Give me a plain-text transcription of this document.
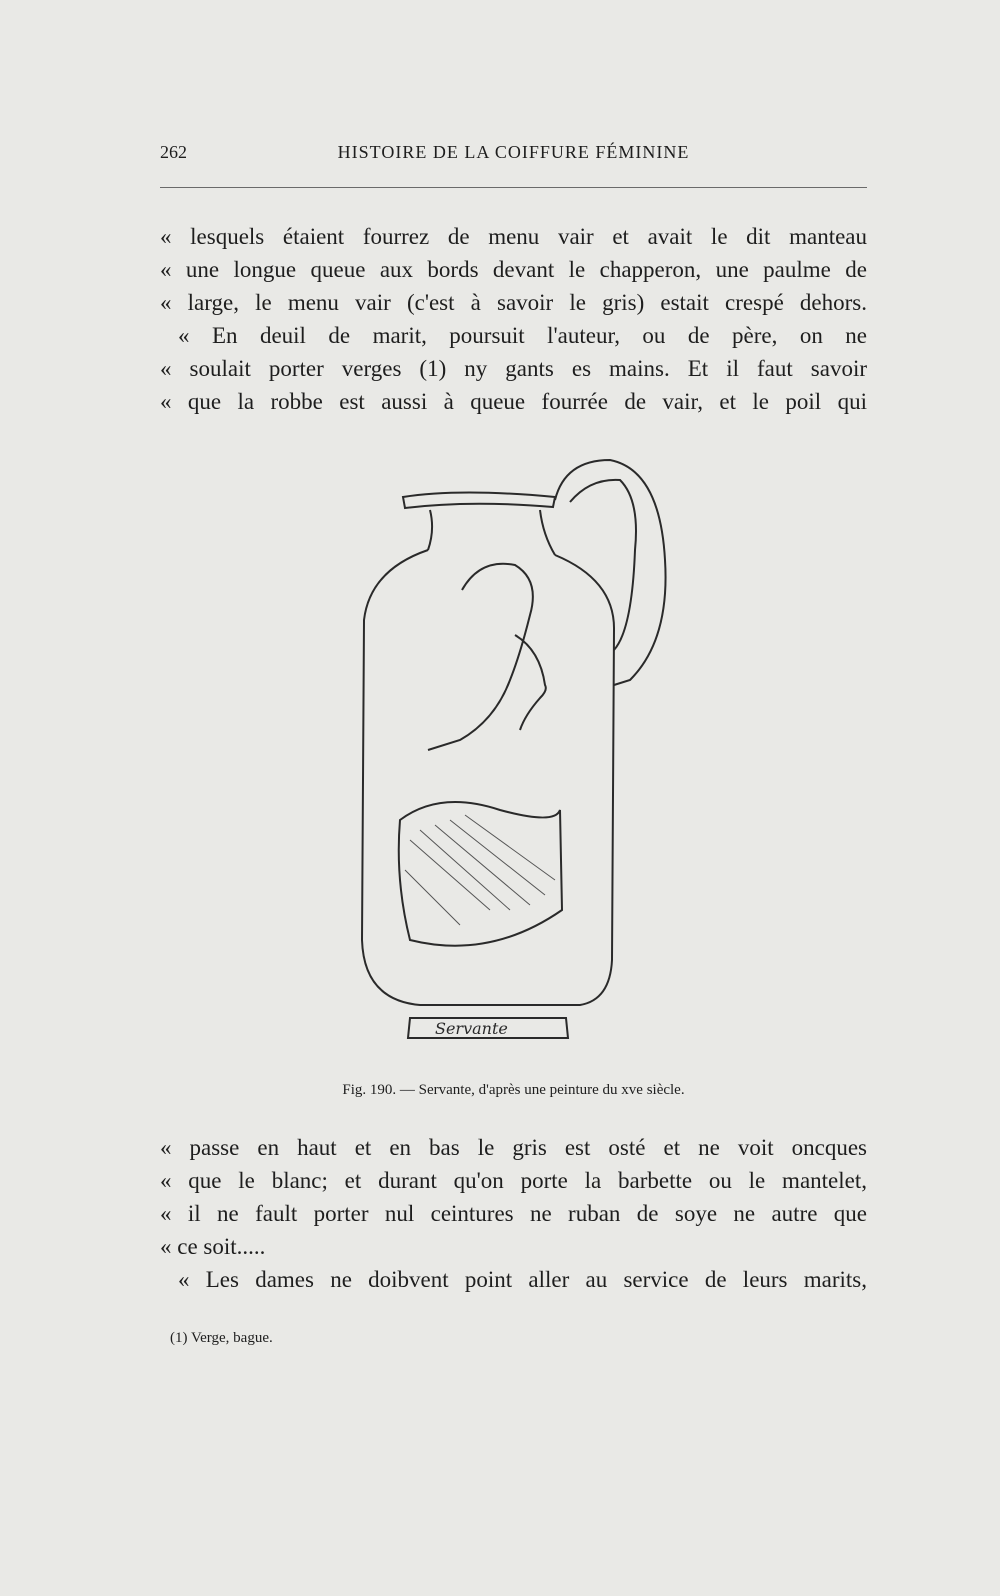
262	HISTOIRE DE LA COIFFURE FÉMININE
« lesquels étaient fourrez de menu vair et avait le dit manteau
« une longue queue aux bords devant le chapperon, une paulme de
« large, le menu vair (c'est à savoir le gris) estait crespé dehors.
« En deuil de marit, poursuit l'auteur, ou de père, on ne
« soulait porter verges (1) ny gants es mains. Et il faut savoir
« que la robbe est aussi à queue fourrée de vair, et le poil qui
Servante
Fig. 190. — Servante, d'après une peinture du xve siècle.
« passe en haut et en bas le gris est osté et ne voit oncques
« que le blanc; et durant qu'on porte la barbette ou le mantelet,
« il ne fault porter nul ceintures ne ruban de soye ne autre que
« ce soit.....
« Les dames ne doibvent point aller au service de leurs marits,
(1) Verge, bague.
